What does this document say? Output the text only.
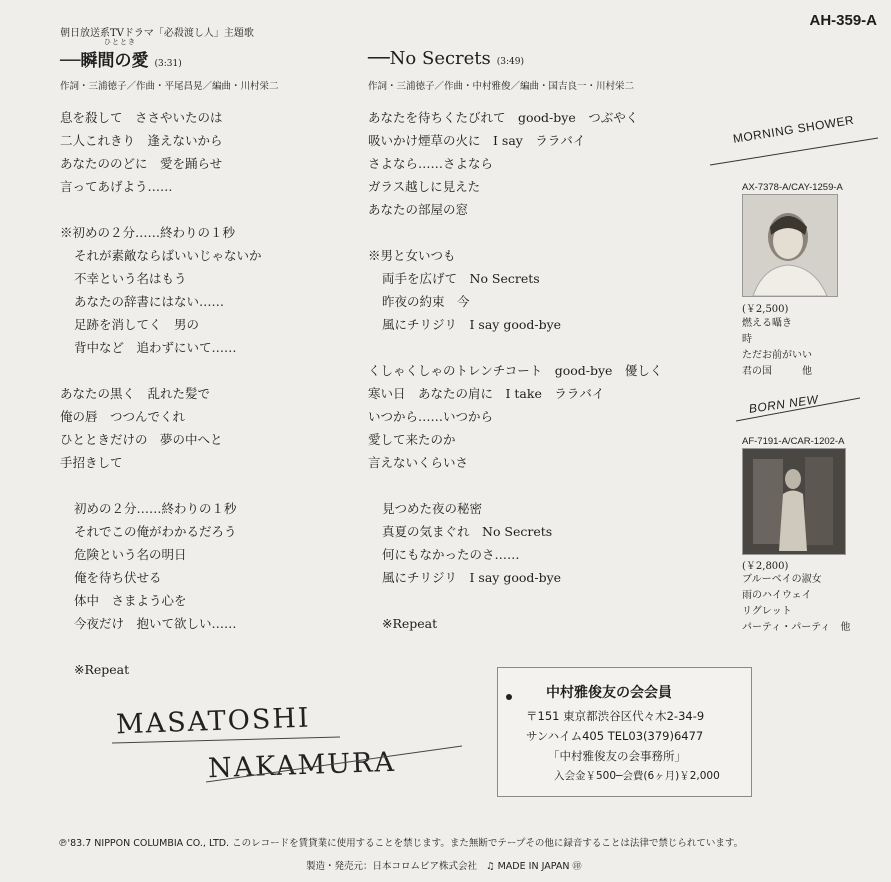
AH-359-A
朝日放送系TVドラマ「必殺渡し人」主題歌
ひととき
──瞬間の愛 (3:31)
作詞・三浦徳子／作曲・平尾昌晃／編曲・川村栄二
息を殺して　ささやいたのは
二人これきり　逢えないから
あなたののどに　愛を踊らせ
言ってあげよう……
※初めの２分……終わりの１秒
それが素敵ならばいいじゃないか
不幸という名はもう
あなたの辞書にはない……
足跡を消してく　男の
背中など　追わずにいて……
あなたの黒く　乱れた髪で
俺の唇　つつんでくれ
ひとときだけの　夢の中へと
手招きして
初めの２分……終わりの１秒
それでこの俺がわかるだろう
危険という名の明日
俺を待ち伏せる
体中　さまよう心を
今夜だけ　抱いて欲しい……
※Repeat
──No Secrets (3:49)
作詞・三浦徳子／作曲・中村雅俊／編曲・国吉良一・川村栄二
あなたを待ちくたびれて　good-bye　つぶやく
吸いかけ煙草の火に　I say　ララバイ
さよなら……さよなら
ガラス越しに見えた
あなたの部屋の窓
※男と女いつも
両手を広げて　No Secrets
昨夜の約束　今
風にチリジリ　I say good-bye
くしゃくしゃのトレンチコート　good-bye　優しく
寒い日　あなたの肩に　I take　ララバイ
いつから……いつから
愛して来たのか
言えないくらいさ
見つめた夜の秘密
真夏の気まぐれ　No Secrets
何にもなかったのさ……
風にチリジリ　I say good-bye
※Repeat
MORNING SHOWER
AX-7378-A/CAY-1259-A
(￥2,500)
燃える囁き
時
ただお前がいい
君の国　　　他
BORN NEW
AF-7191-A/CAR-1202-A
(￥2,800)
ブルーベイの淑女
雨のハイウェイ
リグレット
パーティ・パーティ　他
MASATOSHI
NAKAMURA
中村雅俊友の会会員
〒151 東京都渋谷区代々木2-34-9
サンハイム405 TEL03(379)6477
「中村雅俊友の会事務所」
入会金￥500─会費(6ヶ月)￥2,000
℗'83.7 NIPPON COLUMBIA CO., LTD. このレコードを賃貸業に使用することを禁じます。また無断でテープその他に録音することは法律で禁じられています。
製造・発売元：日本コロムビア株式会社 ♫ MADE IN JAPAN ㊞
